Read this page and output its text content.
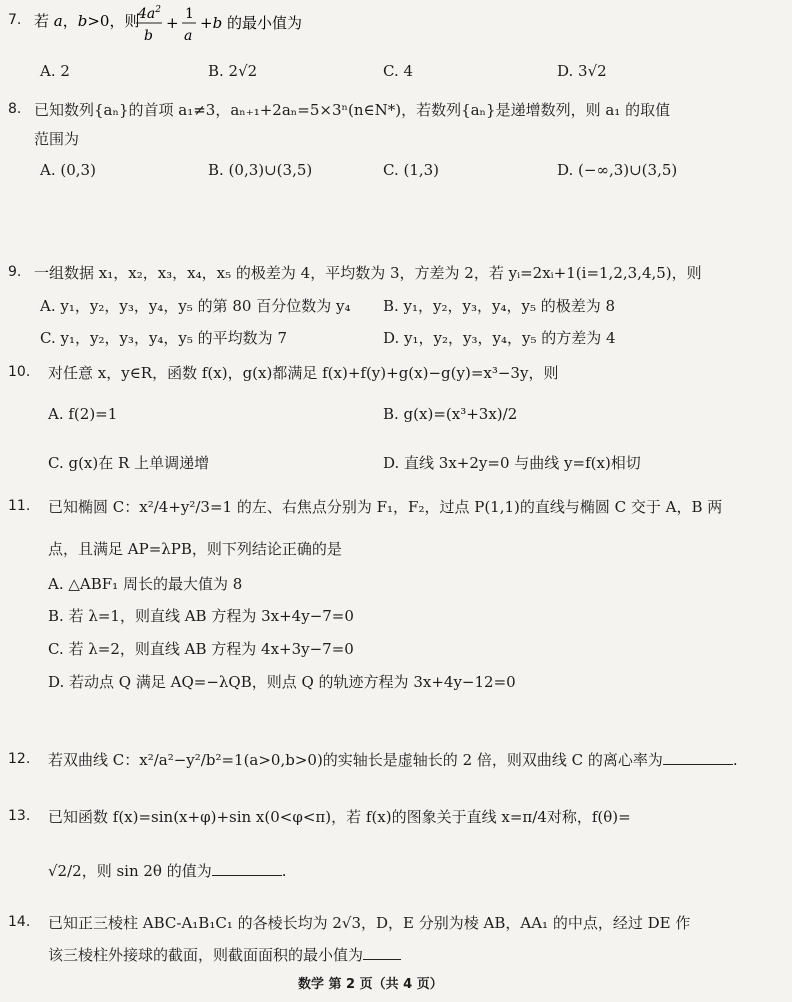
7. 若 a，b>0，则
$4a^2$
b
+ 1
a
+b 的最小值为
A. 2	B. 2√2	C. 4	D. 3√2
8. 已知数列{aₙ}的首项 a₁≠3，aₙ₊₁+2aₙ=5×3ⁿ(n∈N*)，若数列{aₙ}是递增数列，则 a₁ 的取值
范围为
A. (0,3)	B. (0,3)∪(3,5)	C. (1,3)	D. (−∞,3)∪(3,5)
9. 一组数据 x₁，x₂，x₃，x₄，x₅ 的极差为 4，平均数为 3，方差为 2，若 yᵢ=2xᵢ+1(i=1,2,3,4,5)，则
A. y₁，y₂，y₃，y₄，y₅ 的第 80 百分位数为 y₄ B. y₁，y₂，y₃，y₄，y₅ 的极差为 8
C. y₁，y₂，y₃，y₄，y₅ 的平均数为 7	D. y₁，y₂，y₃，y₄，y₅ 的方差为 4
10. 对任意 x，y∈R，函数 f(x)，g(x)都满足 f(x)+f(y)+g(x)−g(y)=x³−3y，则
A. f(2)=1	B. g(x)=(x³+3x)/2
C. g(x)在 R 上单调递增	D. 直线 3x+2y=0 与曲线 y=f(x)相切
11. 已知椭圆 C：x²/4+y²/3=1 的左、右焦点分别为 F₁，F₂，过点 P(1,1)的直线与椭圆 C 交于 A，B 两
点，且满足 AP=λPB，则下列结论正确的是
A. △ABF₁ 周长的最大值为 8
B. 若 λ=1，则直线 AB 方程为 3x+4y−7=0
C. 若 λ=2，则直线 AB 方程为 4x+3y−7=0
D. 若动点 Q 满足 AQ=−λQB，则点 Q 的轨迹方程为 3x+4y−12=0
12. 若双曲线 C：x²/a²−y²/b²=1(a>0,b>0)的实轴长是虚轴长的 2 倍，则双曲线 C 的离心率为	.
13. 已知函数 f(x)=sin(x+φ)+sin x(0<φ<π)，若 f(x)的图象关于直线 x=π/4对称，f(θ)=
√2/2，则 sin 2θ 的值为	.
14. 已知正三棱柱 ABC-A₁B₁C₁ 的各棱长均为 2√3，D，E 分别为棱 AB，AA₁ 的中点，经过 DE 作
该三棱柱外接球的截面，则截面面积的最小值为
数学 第 2 页（共 4 页）
